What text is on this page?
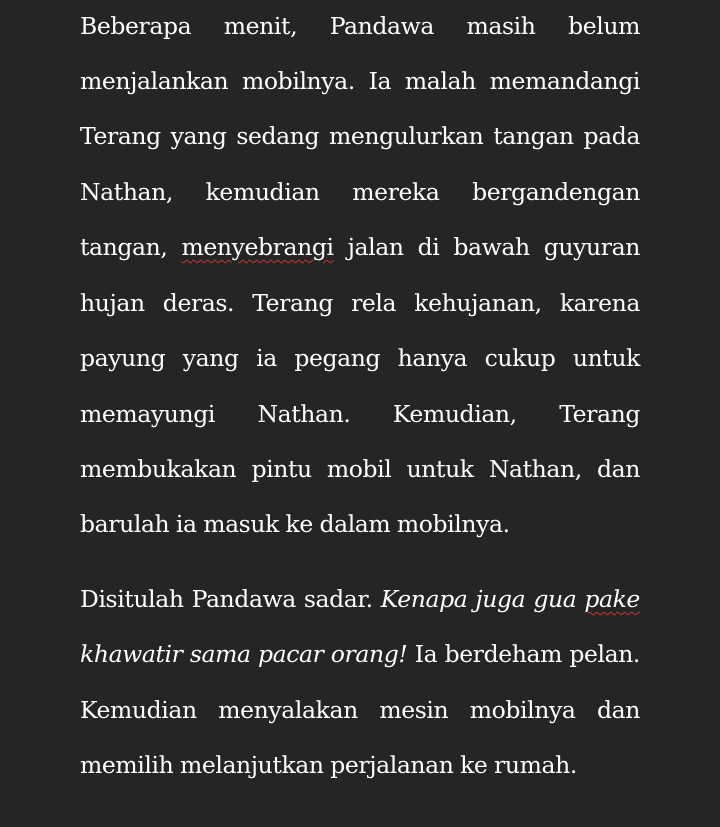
Beberapa menit, Pandawa masih belum
menjalankan mobilnya. Ia malah memandangi
Terang yang sedang mengulurkan tangan pada
Nathan, kemudian mereka bergandengan
tangan, menyebrangi jalan di bawah guyuran
hujan deras. Terang rela kehujanan, karena
payung yang ia pegang hanya cukup untuk
memayungi Nathan. Kemudian, Terang
membukakan pintu mobil untuk Nathan, dan
barulah ia masuk ke dalam mobilnya.
Disitulah Pandawa sadar. Kenapa juga gua pake
khawatir sama pacar orang! Ia berdeham pelan.
Kemudian menyalakan mesin mobilnya dan
memilih melanjutkan perjalanan ke rumah.
